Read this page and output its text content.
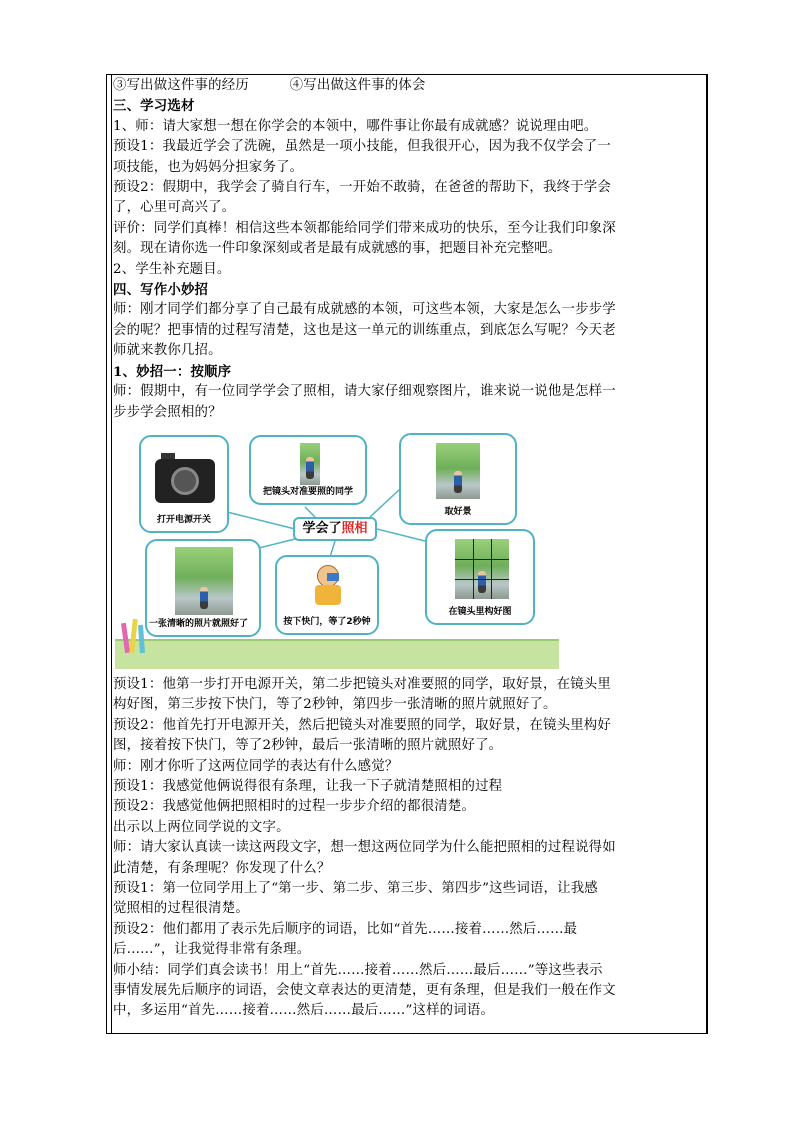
③写出做这件事的经历　　　④写出做这件事的体会
三、学习选材
1、师：请大家想一想在你学会的本领中，哪件事让你最有成就感？说说理由吧。
预设1：我最近学会了洗碗，虽然是一项小技能，但我很开心，因为我不仅学会了一
项技能，也为妈妈分担家务了。
预设2：假期中，我学会了骑自行车，一开始不敢骑，在爸爸的帮助下，我终于学会
了，心里可高兴了。
评价：同学们真棒！相信这些本领都能给同学们带来成功的快乐，至今让我们印象深
刻。现在请你选一件印象深刻或者是最有成就感的事，把题目补充完整吧。
2、学生补充题目。
四、写作小妙招
师：刚才同学们都分享了自己最有成就感的本领，可这些本领，大家是怎么一步步学
会的呢？把事情的过程写清楚，这也是这一单元的训练重点，到底怎么写呢？今天老
师就来教你几招。
1、妙招一：按顺序
师：假期中，有一位同学学会了照相，请大家仔细观察图片，谁来说一说他是怎样一
步步学会照相的？
打开电源开关
把镜头对准要照的同学
取好景
学会了照相
一张清晰的照片就照好了	按下快门，等了2秒钟
在镜头里构好图
预设1：他第一步打开电源开关，第二步把镜头对准要照的同学，取好景，在镜头里
构好图，第三步按下快门，等了2秒钟，第四步一张清晰的照片就照好了。
预设2：他首先打开电源开关，然后把镜头对准要照的同学，取好景，在镜头里构好
图，接着按下快门，等了2秒钟，最后一张清晰的照片就照好了。
师：刚才你听了这两位同学的表达有什么感觉？
预设1：我感觉他俩说得很有条理，让我一下子就清楚照相的过程
预设2：我感觉他俩把照相时的过程一步步介绍的都很清楚。
出示以上两位同学说的文字。
师：请大家认真读一读这两段文字，想一想这两位同学为什么能把照相的过程说得如
此清楚，有条理呢？你发现了什么？
预设1：第一位同学用上了“第一步、第二步、第三步、第四步”这些词语，让我感
觉照相的过程很清楚。
预设2：他们都用了表示先后顺序的词语，比如“首先……接着……然后……最
后……”，让我觉得非常有条理。
师小结：同学们真会读书！用上“首先……接着……然后……最后……”等这些表示
事情发展先后顺序的词语，会使文章表达的更清楚，更有条理，但是我们一般在作文
中，多运用“首先……接着……然后……最后……”这样的词语。
